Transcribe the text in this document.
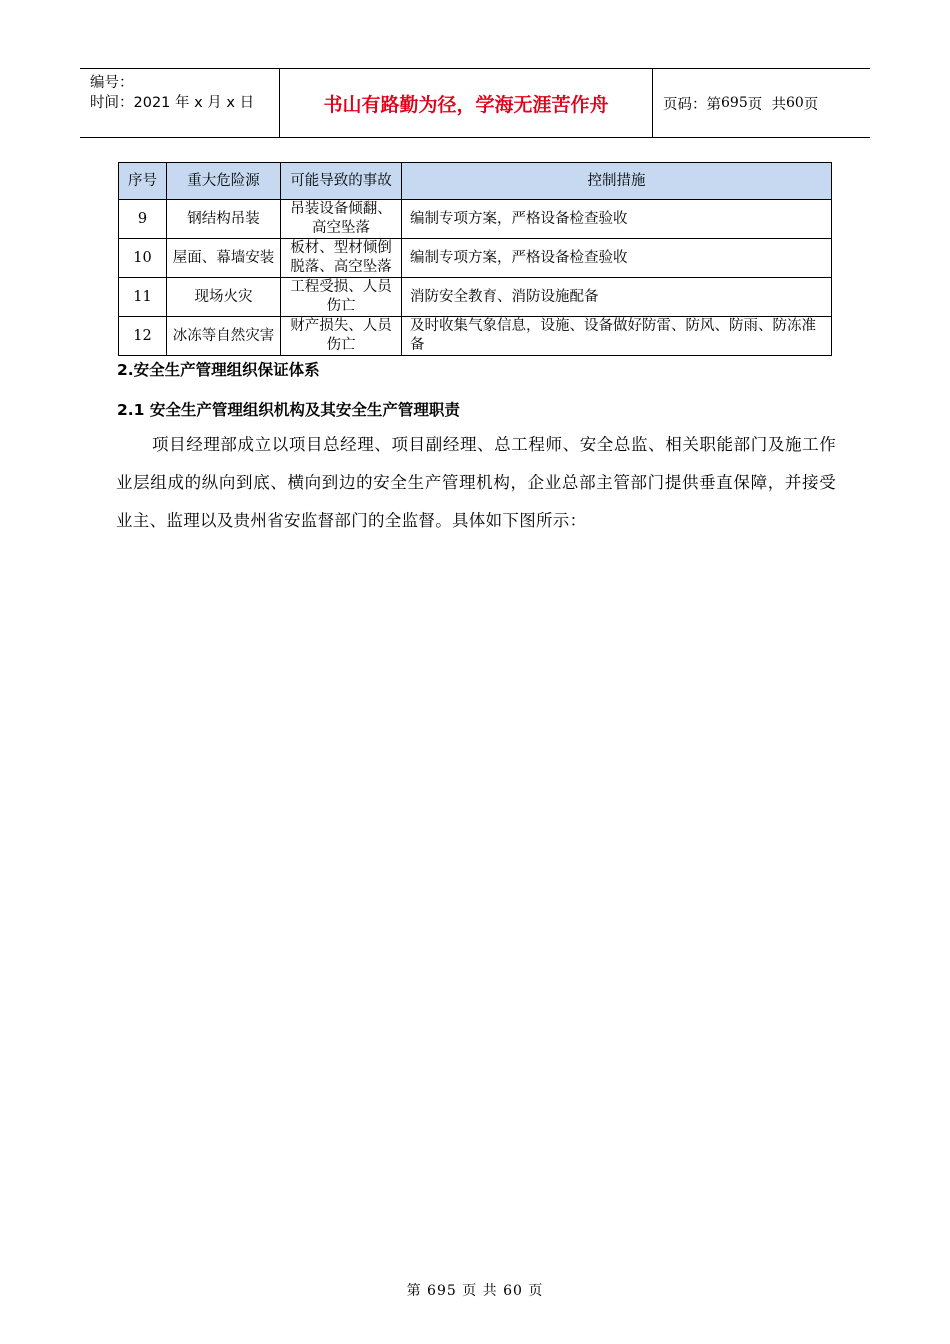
编号：
时间：2021 年 x 月 x 日	书山有路勤为径，学海无涯苦作舟	页码：第 695 页  共 60 页
序号	重大危险源	可能导致的事故	控制措施
9	钢结构吊装	吊装设备倾翻、高空坠落	编制专项方案，严格设备检查验收
10	屋面、幕墙安装	板材、型材倾倒脱落、高空坠落	编制专项方案，严格设备检查验收
11	现场火灾	工程受损、人员伤亡	消防安全教育、消防设施配备
12	冰冻等自然灾害	财产损失、人员伤亡	及时收集气象信息，设施、设备做好防雷、防风、防雨、防冻准备
2.安全生产管理组织保证体系
2.1 安全生产管理组织机构及其安全生产管理职责
项目经理部成立以项目总经理、项目副经理、总工程师、安全总监、相关职能部门及施工作业层组成的纵向到底、横向到边的安全生产管理机构，企业总部主管部门提供垂直保障，并接受业主、监理以及贵州省安监督部门的全监督。具体如下图所示：
第 695 页 共 60 页
